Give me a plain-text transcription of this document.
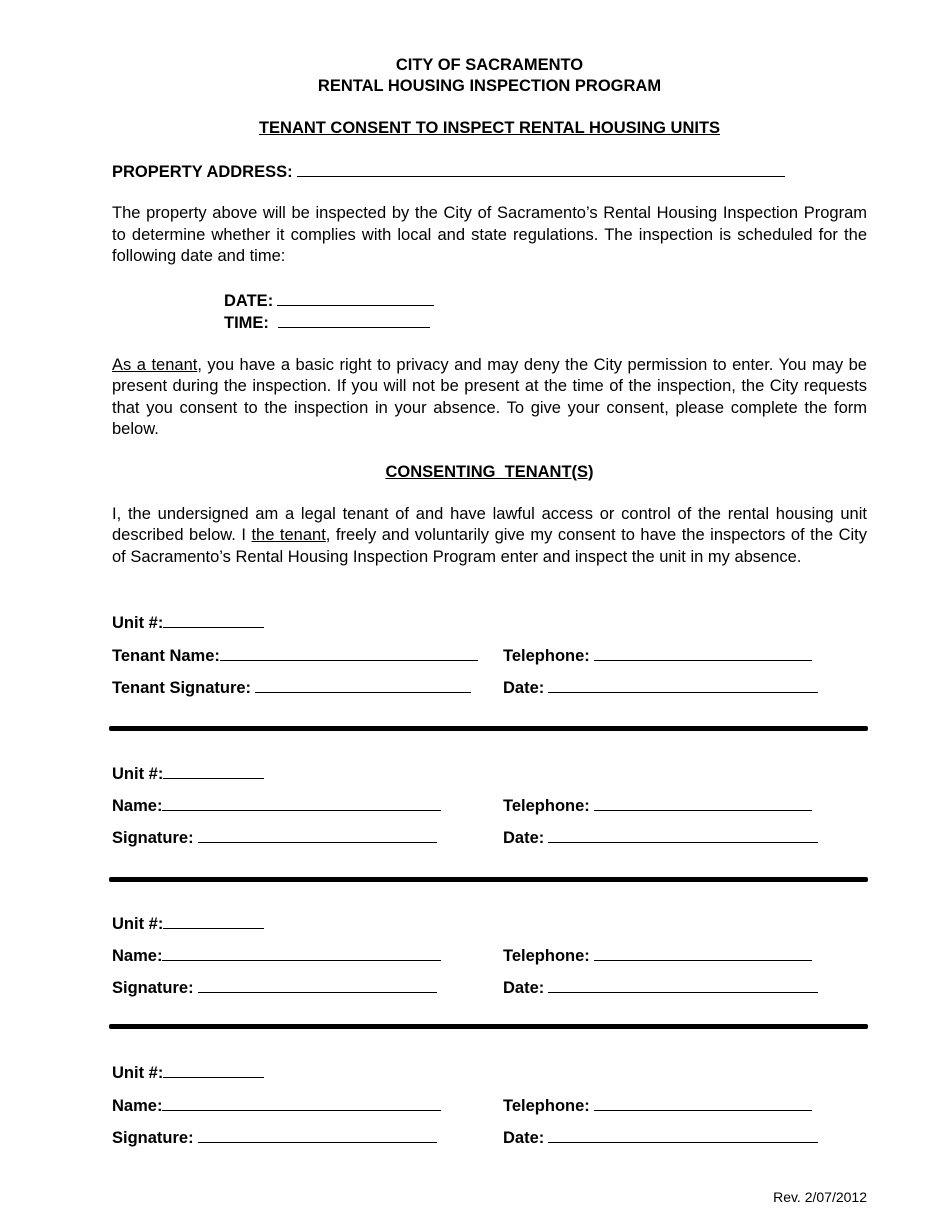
CITY OF SACRAMENTO
RENTAL HOUSING INSPECTION PROGRAM
TENANT CONSENT TO INSPECT RENTAL HOUSING UNITS
PROPERTY ADDRESS:

The property above will be inspected by the City of Sacramento’s Rental Housing Inspection Program to determine whether it complies with local and state regulations. The inspection is scheduled for the following date and time:

DATE:
TIME:

As a tenant, you have a basic right to privacy and may deny the City permission to enter. You may be present during the inspection. If you will not be present at the time of the inspection, the City requests that you consent to the inspection in your absence. To give your consent, please complete the form below.

CONSENTING  TENANT(S)

I, the undersigned am a legal tenant of and have lawful access or control of the rental housing unit described below. I the tenant, freely and voluntarily give my consent to have the inspectors of the City of Sacramento’s Rental Housing Inspection Program enter and inspect the unit in my absence.

Unit #:
Tenant Name:	Telephone:
Tenant Signature:	Date:
Unit #:
Name:	Telephone:
Signature:	Date:
Unit #:
Name:	Telephone:
Signature:	Date:
Unit #:
Name:	Telephone:
Signature:	Date:
Rev. 2/07/2012
